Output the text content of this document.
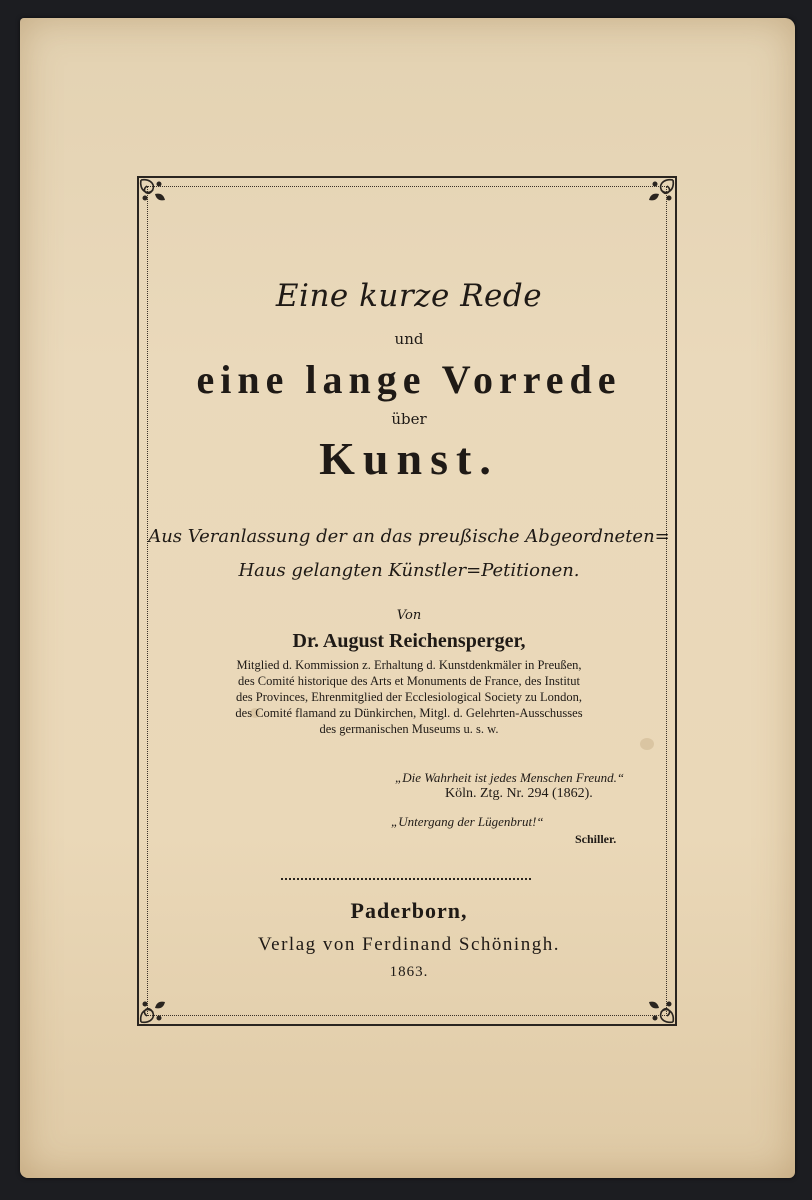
Eine kurze Rede
und
eine lange Vorrede
über
Kunst.
Aus Veranlassung der an das preußische Abgeordneten=
Haus gelangten Künstler=Petitionen.
Von
Dr. August Reichensperger,
Mitglied d. Kommission z. Erhaltung d. Kunstdenkmäler in Preußen,
des Comité historique des Arts et Monuments de France, des Institut
des Provinces, Ehrenmitglied der Ecclesiological Society zu London,
des Comité flamand zu Dünkirchen, Mitgl. d. Gelehrten-Ausschusses
des germanischen Museums u. s. w.
„Die Wahrheit ist jedes Menschen Freund.“
Köln. Ztg. Nr. 294 (1862).
„Untergang der Lügenbrut!“
Schiller.
Paderborn,
Verlag von Ferdinand Schöningh.
1863.
